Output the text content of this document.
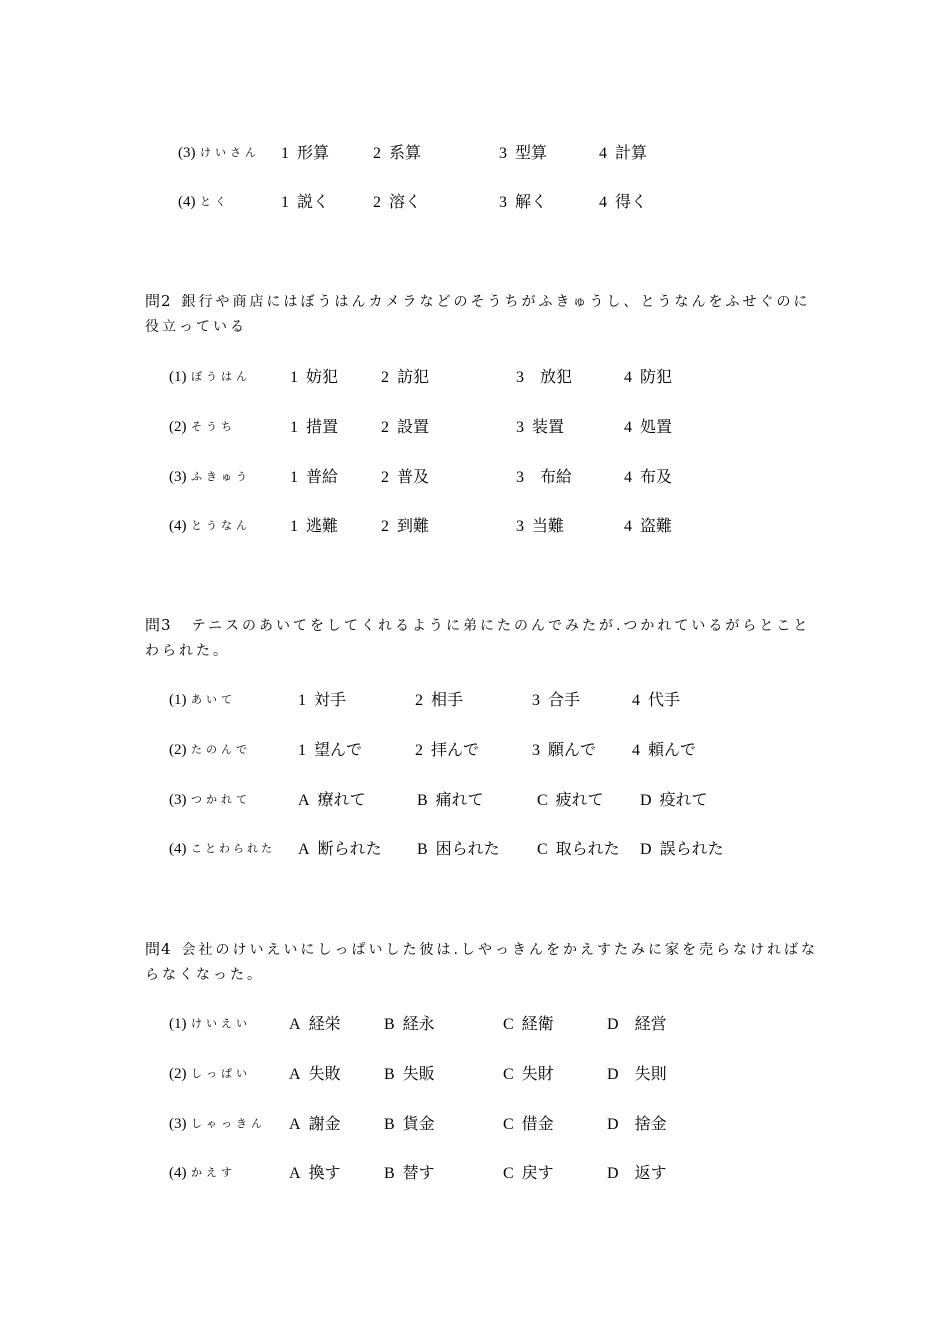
(3) けいさん 1 形算	2 系算	3 型算	4 計算
(4) とく	1 説く	2 溶く	3 解く	4 得く
問2 銀行や商店にはぼうはんカメラなどのそうちがふきゅうし、とうなんをふせぐのに役立っている
(1) ぼうはん 1 妨犯	2 訪犯	3 放犯	4 防犯
(2) そうち	1 措置	2 設置	3 装置	4 処置
(3) ふきゅう 1 普給	2 普及	3 布給	4 布及
(4) とうなん 1 逃難	2 到難	3 当難	4 盗難
問3 テニスのあいてをしてくれるように弟にたのんでみたが.つかれているがらとことわられた。
(1) あいて	1 対手	2 相手	3 合手	4 代手
(2) たのんで	1 望んで	2 拝んで	3 願んで 4 頼んで
(3) つかれて	A 療れて	B 痛れて	C 疲れて D 疫れて
(4) ことわられた A 断られた B 困られた C 取られた D 誤られた
問4 会社のけいえいにしっぱいした彼は.しやっきんをかえすたみに家を売らなければならなくなった。
(1) けいえい A 経栄	B 経永	C 経衛	D 経営
(2) しっぱい A 失敗	B 失販	C 失財	D 失則
(3) しゃっきん A 謝金	B 貨金	C 借金	D 捨金
(4) かえす	A 換す	B 替す	C 戻す	D 返す
